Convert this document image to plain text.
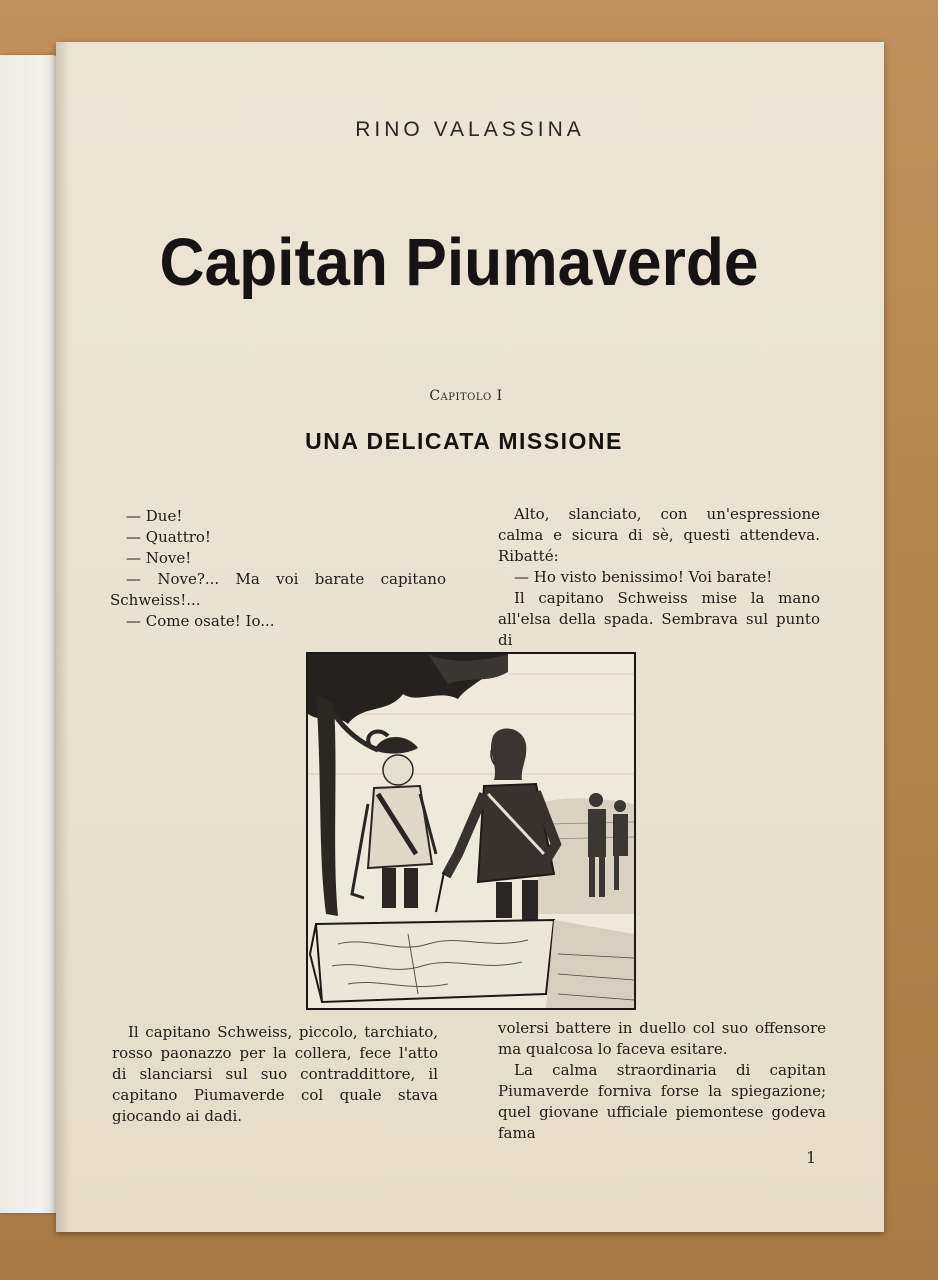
RINO VALASSINA
Capitan Piumaverde
Capitolo I
UNA DELICATA MISSIONE

— Due!

— Quattro!

— Nove!

— Nove?... Ma voi barate capitano Schweiss!...

— Come osate! Io...

Alto, slanciato, con un'espressione calma e sicura di sè, questi attendeva. Ribatté:

— Ho visto benissimo! Voi barate!

Il capitano Schweiss mise la mano all'elsa della spada. Sembrava sul punto di

Il capitano Schweiss, piccolo, tarchiato, rosso paonazzo per la collera, fece l'atto di slanciarsi sul suo contraddittore, il capitano Piumaverde col quale stava giocando ai dadi.

volersi battere in duello col suo offensore ma qualcosa lo faceva esitare.

La calma straordinaria di capitan Piumaverde forniva forse la spiegazione; quel giovane ufficiale piemontese godeva fama

1
